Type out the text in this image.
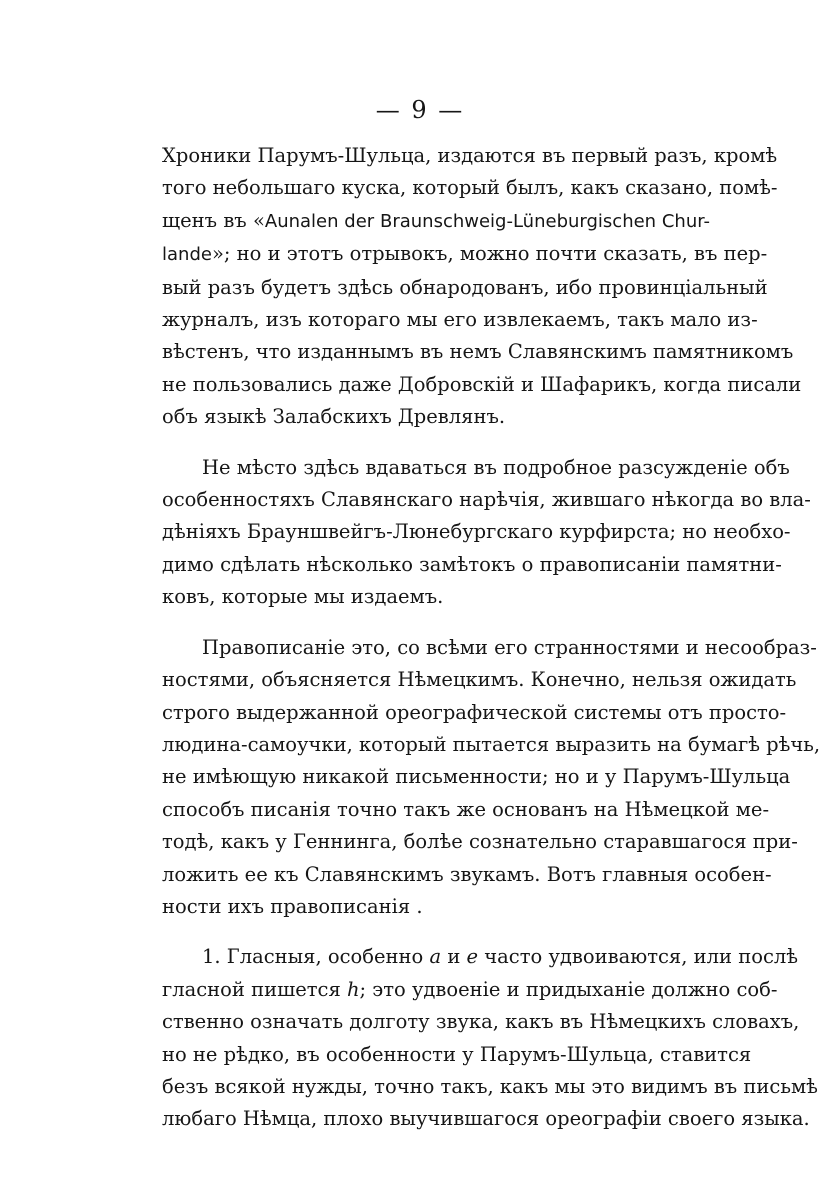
— 9 —

Хроники Парумъ-Шульца, издаются въ первый разъ, кромѣ
того небольшаго куска, который былъ, какъ сказано, помѣ-
щенъ въ «Aunalen der Braunschweig-Lüneburgischen Chur-
lande»; но и этотъ отрывокъ, можно почти сказать, въ пер-
вый разъ будетъ здѣсь обнародованъ, ибо провинціальный
журналъ, изъ котораго мы его извлекаемъ, такъ мало из-
вѣстенъ, что изданнымъ въ немъ Славянскимъ памятникомъ
не пользовались даже Добровскій и Шафарикъ, когда писали
объ языкѣ Залабскихъ Древлянъ.

Не мѣсто здѣсь вдаваться въ подробное разсужденіе объ
особенностяхъ Славянскаго нарѣчія, жившаго нѣкогда во вла-
дѣніяхъ Брауншвейгъ-Люнебургскаго курфирста; но необхо-
димо сдѣлать нѣсколько замѣтокъ о правописаніи памятни-
ковъ, которые мы издаемъ.

Правописаніе это, со всѣми его странностями и несообраз-
ностями, объясняется Нѣмецкимъ. Конечно, нельзя ожидать
строго выдержанной ореографической системы отъ просто-
людина-самоучки, который пытается выразить на бумагѣ рѣчь,
не имѣющую никакой письменности; но и у Парумъ-Шульца
способъ писанія точно такъ же основанъ на Нѣмецкой ме-
тодѣ, какъ у Геннинга, болѣе сознательно старавшагося при-
ложить ее къ Славянскимъ звукамъ. Вотъ главныя особен-
ности ихъ правописанія .

1. Гласныя, особенно a и e часто удвоиваются, или послѣ
гласной пишется h; это удвоеніе и придыханіе должно соб-
ственно означать долготу звука, какъ въ Нѣмецкихъ словахъ,
но не рѣдко, въ особенности у Парумъ-Шульца, ставится
безъ всякой нужды, точно такъ, какъ мы это видимъ въ письмѣ
любаго Нѣмца, плохо выучившагося ореографіи своего языка.
